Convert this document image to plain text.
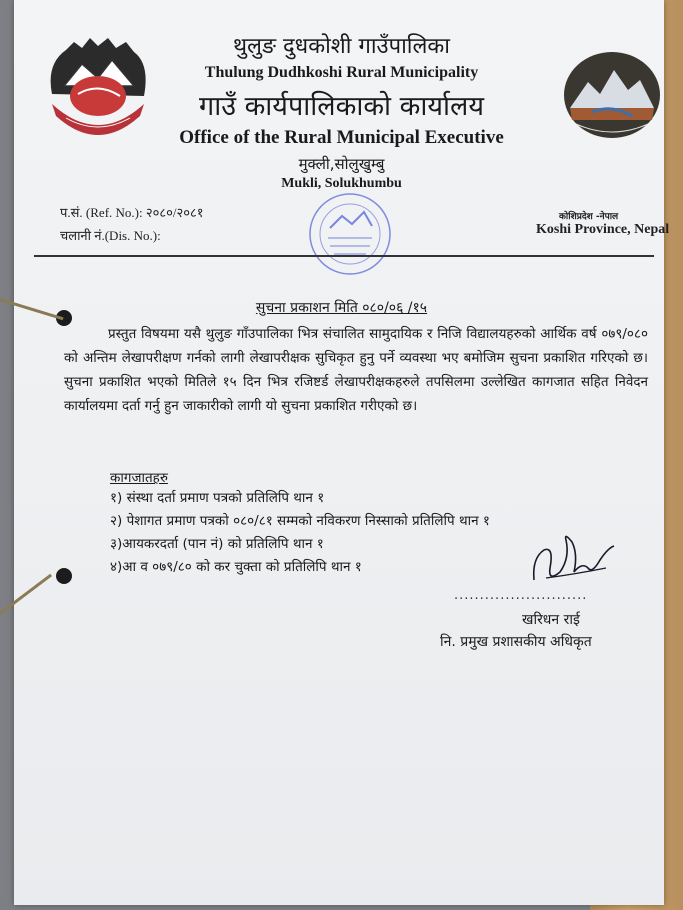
थुलुङ दुधकोशी गाउँपालिका
Thulung Dudhkoshi Rural Municipality
गाउँ कार्यपालिकाको कार्यालय
Office of the Rural Municipal Executive
मुक्ली,सोलुखुम्बु
Mukli, Solukhumbu
प.सं. (Ref. No.): २०८०/२०८१
चलानी नं.(Dis. No.):
कोशिप्रदेश -नेपाल
Koshi Province, Nepal
सुचना प्रकाशन मिति ०८०/०६ /१५

प्रस्तुत विषयमा यसै थुलुङ गाँउपालिका भित्र संचालित सामुदायिक र निजि विद्यालयहरुको आर्थिक वर्ष ०७९/०८० को अन्तिम लेखापरीक्षण गर्नको लागी लेखापरीक्षक सुचिकृत हुनु पर्ने व्यवस्था भए बमोजिम सुचना प्रकाशित गरिएको छ।सुचना प्रकाशित भएको मितिले १५ दिन भित्र रजिष्टर्ड लेखापरीक्षकहरुले तपसिलमा उल्लेखित कागजात सहित निवेदन कार्यालयमा दर्ता गर्नु हुन जाकारीको लागी यो सुचना प्रकाशित गरीएको छ।

कागजातहरु
१) संस्था दर्ता प्रमाण पत्रको प्रतिलिपि थान १
२) पेशागत प्रमाण पत्रको ०८०/८१ सम्मको नविकरण निस्साको प्रतिलिपि थान १
३)आयकरदर्ता (पान नं) को प्रतिलिपि थान १
४)आ व ०७९/८० को कर चुक्ता को प्रतिलिपि थान १
..........................
खरिधन राई
नि. प्रमुख प्रशासकीय अधिकृत
